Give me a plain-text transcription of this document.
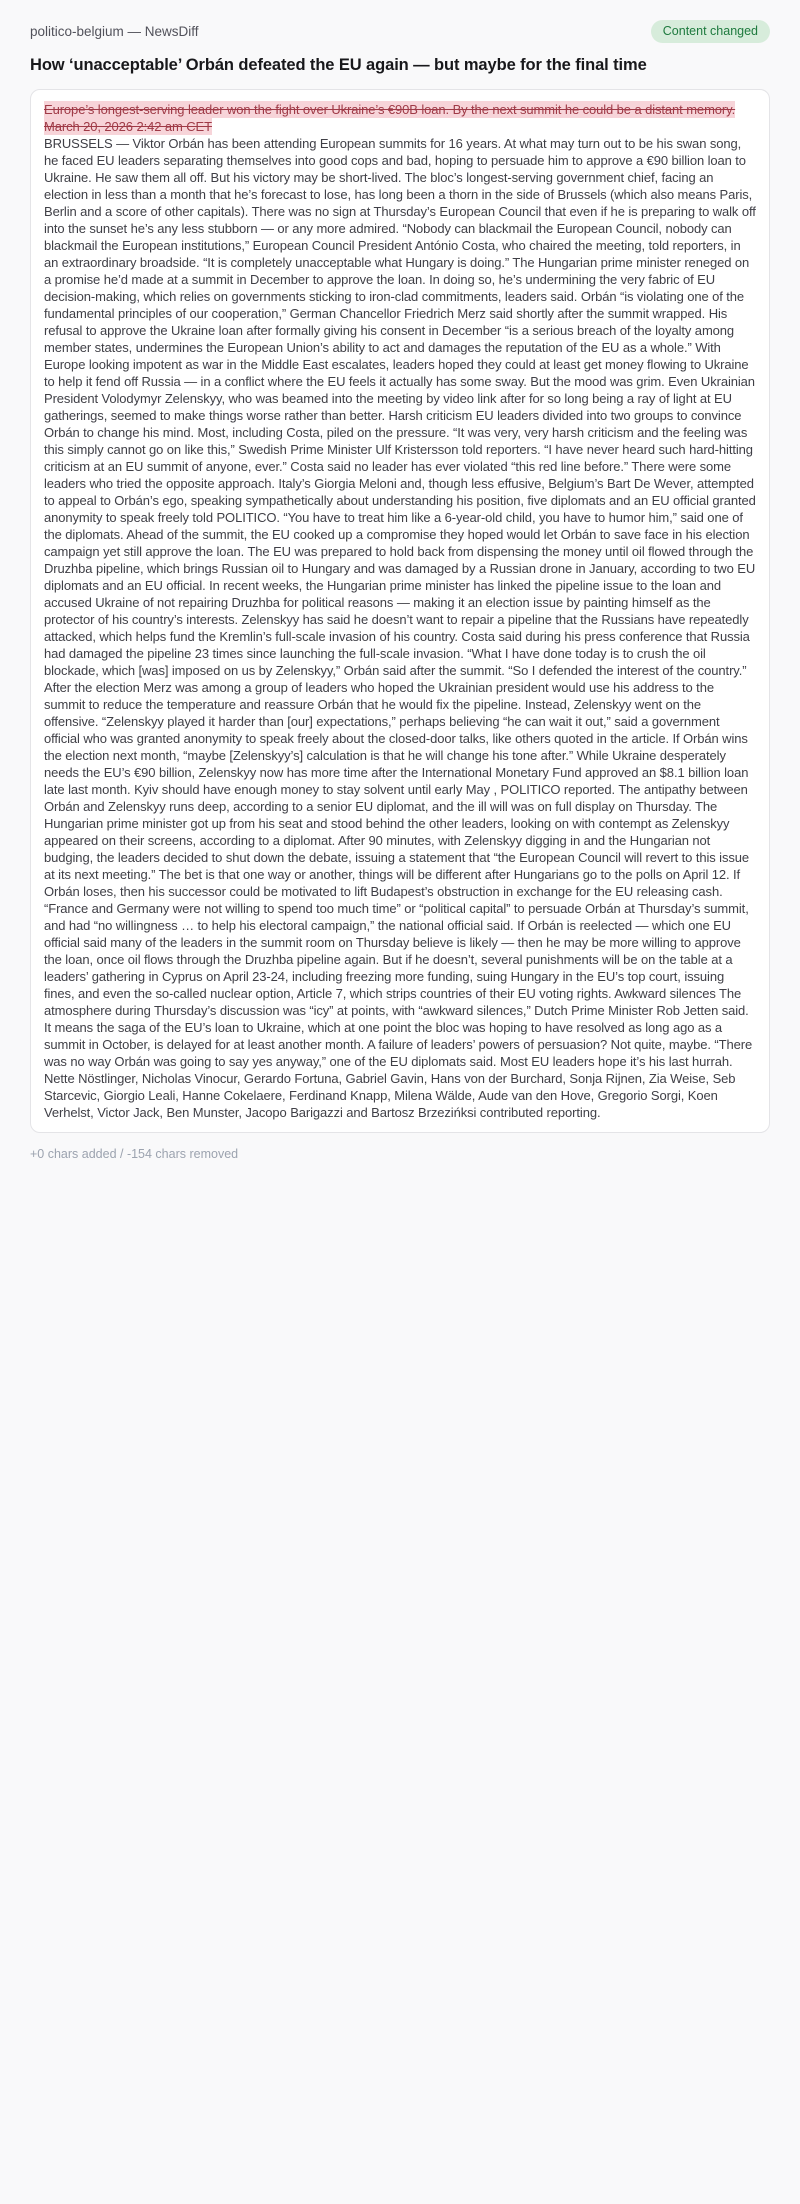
politico-belgium — NewsDiff	Content changed
How ‘unacceptable’ Orbán defeated the EU again — but maybe for the final time

Europe’s longest-serving leader won the fight over Ukraine’s €90B loan. By the next summit he could be a distant memory. March 20, 2026 2:42 am CET
BRUSSELS — Viktor Orbán has been attending European summits for 16 years. At what may turn out to be his swan song, he faced EU leaders separating themselves into good cops and bad, hoping to persuade him to approve a €90 billion loan to Ukraine. He saw them all off. But his victory may be short-lived. The bloc’s longest-serving government chief, facing an election in less than a month that he’s forecast to lose, has long been a thorn in the side of Brussels (which also means Paris, Berlin and a score of other capitals). There was no sign at Thursday’s European Council that even if he is preparing to walk off into the sunset he’s any less stubborn — or any more admired. “Nobody can blackmail the European Council, nobody can blackmail the European institutions,” European Council President António Costa, who chaired the meeting, told reporters, in an extraordinary broadside. “It is completely unacceptable what Hungary is doing.” The Hungarian prime minister reneged on a promise he’d made at a summit in December to approve the loan. In doing so, he’s undermining the very fabric of EU decision-making, which relies on governments sticking to iron-clad commitments, leaders said. Orbán “is violating one of the fundamental principles of our cooperation,” German Chancellor Friedrich Merz said shortly after the summit wrapped. His refusal to approve the Ukraine loan after formally giving his consent in December “is a serious breach of the loyalty among member states, undermines the European Union’s ability to act and damages the reputation of the EU as a whole.” With Europe looking impotent as war in the Middle East escalates, leaders hoped they could at least get money flowing to Ukraine to help it fend off Russia — in a conflict where the EU feels it actually has some sway. But the mood was grim. Even Ukrainian President Volodymyr Zelenskyy, who was beamed into the meeting by video link after for so long being a ray of light at EU gatherings, seemed to make things worse rather than better. Harsh criticism EU leaders divided into two groups to convince Orbán to change his mind. Most, including Costa, piled on the pressure. “It was very, very harsh criticism and the feeling was this simply cannot go on like this,” Swedish Prime Minister Ulf Kristersson told reporters. “I have never heard such hard-hitting criticism at an EU summit of anyone, ever.” Costa said no leader has ever violated “this red line before.” There were some leaders who tried the opposite approach. Italy’s Giorgia Meloni and, though less effusive, Belgium’s Bart De Wever, attempted to appeal to Orbán’s ego, speaking sympathetically about understanding his position, five diplomats and an EU official granted anonymity to speak freely told POLITICO. “You have to treat him like a 6-year-old child, you have to humor him,” said one of the diplomats. Ahead of the summit, the EU cooked up a compromise they hoped would let Orbán to save face in his election campaign yet still approve the loan. The EU was prepared to hold back from dispensing the money until oil flowed through the Druzhba pipeline, which brings Russian oil to Hungary and was damaged by a Russian drone in January, according to two EU diplomats and an EU official. In recent weeks, the Hungarian prime minister has linked the pipeline issue to the loan and accused Ukraine of not repairing Druzhba for political reasons — making it an election issue by painting himself as the protector of his country’s interests. Zelenskyy has said he doesn’t want to repair a pipeline that the Russians have repeatedly attacked, which helps fund the Kremlin’s full-scale invasion of his country. Costa said during his press conference that Russia had damaged the pipeline 23 times since launching the full-scale invasion. “What I have done today is to crush the oil blockade, which [was] imposed on us by Zelenskyy,” Orbán said after the summit. “So I defended the interest of the country.” After the election Merz was among a group of leaders who hoped the Ukrainian president would use his address to the summit to reduce the temperature and reassure Orbán that he would fix the pipeline. Instead, Zelenskyy went on the offensive. “Zelenskyy played it harder than [our] expectations,” perhaps believing “he can wait it out,” said a government official who was granted anonymity to speak freely about the closed-door talks, like others quoted in the article. If Orbán wins the election next month, “maybe [Zelenskyy’s] calculation is that he will change his tone after.” While Ukraine desperately needs the EU’s €90 billion, Zelenskyy now has more time after the International Monetary Fund approved an $8.1 billion loan late last month. Kyiv should have enough money to stay solvent until early May , POLITICO reported. The antipathy between Orbán and Zelenskyy runs deep, according to a senior EU diplomat, and the ill will was on full display on Thursday. The Hungarian prime minister got up from his seat and stood behind the other leaders, looking on with contempt as Zelenskyy appeared on their screens, according to a diplomat. After 90 minutes, with Zelenskyy digging in and the Hungarian not budging, the leaders decided to shut down the debate, issuing a statement that “the European Council will revert to this issue at its next meeting.” The bet is that one way or another, things will be different after Hungarians go to the polls on April 12. If Orbán loses, then his successor could be motivated to lift Budapest’s obstruction in exchange for the EU releasing cash. “France and Germany were not willing to spend too much time” or “political capital” to persuade Orbán at Thursday’s summit, and had “no willingness … to help his electoral campaign,” the national official said. If Orbán is reelected — which one EU official said many of the leaders in the summit room on Thursday believe is likely — then he may be more willing to approve the loan, once oil flows through the Druzhba pipeline again. But if he doesn’t, several punishments will be on the table at a leaders’ gathering in Cyprus on April 23-24, including freezing more funding, suing Hungary in the EU’s top court, issuing fines, and even the so-called nuclear option, Article 7, which strips countries of their EU voting rights. Awkward silences The atmosphere during Thursday’s discussion was “icy” at points, with “awkward silences,” Dutch Prime Minister Rob Jetten said. It means the saga of the EU’s loan to Ukraine, which at one point the bloc was hoping to have resolved as long ago as a summit in October, is delayed for at least another month. A failure of leaders’ powers of persuasion? Not quite, maybe. “There was no way Orbán was going to say yes anyway,” one of the EU diplomats said. Most EU leaders hope it’s his last hurrah. Nette Nöstlinger, Nicholas Vinocur, Gerardo Fortuna, Gabriel Gavin, Hans von der Burchard, Sonja Rijnen, Zia Weise, Seb Starcevic, Giorgio Leali, Hanne Cokelaere, Ferdinand Knapp, Milena Wälde, Aude van den Hove, Gregorio Sorgi, Koen Verhelst, Victor Jack, Ben Munster, Jacopo Barigazzi and Bartosz Brzezińksi contributed reporting.

+0 chars added / -154 chars removed
